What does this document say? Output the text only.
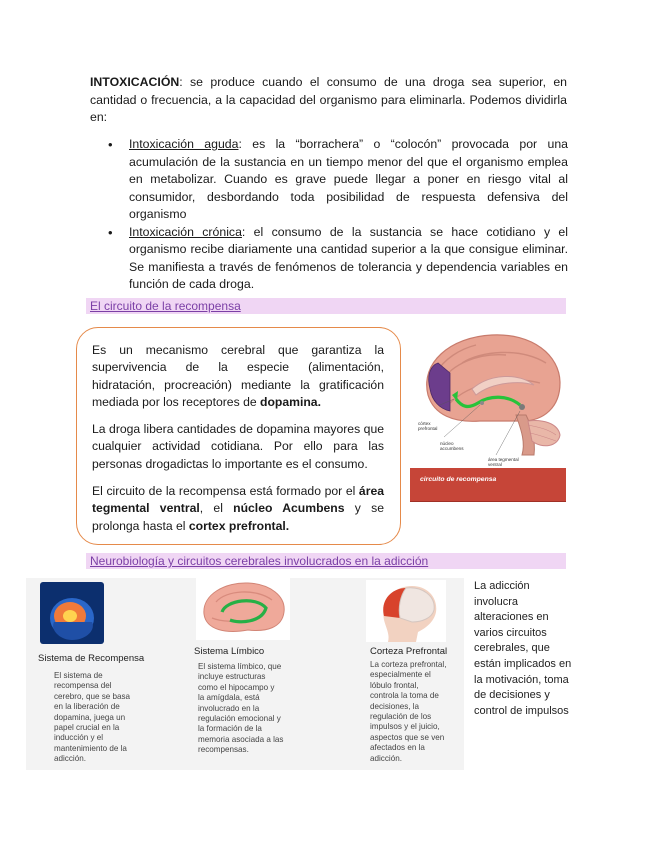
INTOXICACIÓN: se produce cuando el consumo de una droga sea superior, en cantidad o frecuencia, a la capacidad del organismo para eliminarla. Podemos dividirla en:
• Intoxicación aguda: es la “borrachera” o “colocón” provocada por una acumulación de la sustancia en un tiempo menor del que el organismo emplea en metabolizar. Cuando es grave puede llegar a poner en riesgo vital al consumidor, desbordando toda posibilidad de respuesta defensiva del organismo
• Intoxicación crónica: el consumo de la sustancia se hace cotidiano y el organismo recibe diariamente una cantidad superior a la que consigue eliminar. Se manifiesta a través de fenómenos de tolerancia y dependencia variables en función de cada droga.
El circuito de la recompensa

Es un mecanismo cerebral que garantiza la supervivencia de la especie (alimentación, hidratación, procreación) mediante la gratificación mediada por los receptores de dopamina.

La droga libera cantidades de dopamina mayores que cualquier actividad cotidiana. Por ello para las personas drogadictas lo importante es el consumo.

El circuito de la recompensa está formado por el área tegmental ventral, el núcleo Acumbens y se prolonga hasta el cortex prefrontal.

córtex
prefrontal
núcleo
accumbens
área tegmental
ventral
circuito de recompensa
Neurobiología y circuitos cerebrales involucrados en la adicción
Sistema de Recompensa
El sistema de
recompensa del
cerebro, que se basa
en la liberación de
dopamina, juega un
papel crucial en la
inducción y el
mantenimiento de la
adicción.
Sistema Límbico
El sistema límbico, que
incluye estructuras
como el hipocampo y
la amígdala, está
involucrado en la
regulación emocional y
la formación de la
memoria asociada a las
recompensas.
Corteza Prefrontal
La corteza prefrontal,
especialmente el
lóbulo frontal,
controla la toma de
decisiones, la
regulación de los
impulsos y el juicio,
aspectos que se ven
afectados en la
adicción.
La adicción involucra alteraciones en varios circuitos cerebrales, que están implicados en la motivación, toma de decisiones y control de impulsos
